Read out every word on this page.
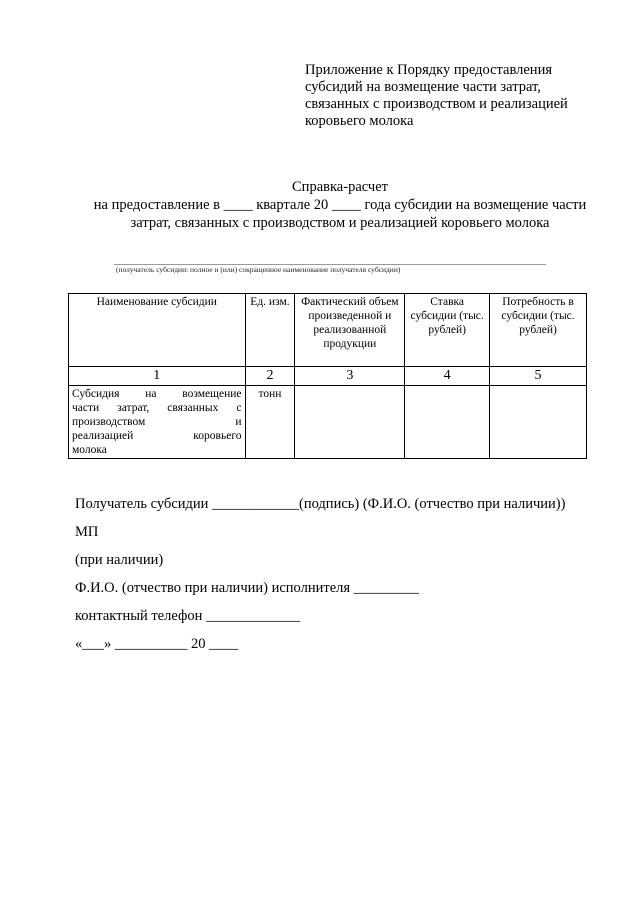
Приложение к Порядку предоставления
субсидий на возмещение части затрат,
связанных с производством и реализацией
коровьего молока
Справка-расчет
на предоставление в ____ квартале 20 ____ года субсидии на возмещение части
затрат, связанных с производством и реализацией коровьего молока
(получатель субсидии: полное и (или) сокращенное наименование получателя субсидии)
Наименование субсидии	Ед. изм.	Фактический объем произведенной и реализованной продукции	Ставка субсидии (тыс. рублей)	Потребность в субсидии (тыс. рублей)
1	2	3	4	5

Субсидия на возмещение
части затрат, связанных с
производством и
реализацией коровьего
молока	тонн			
Получатель субсидии ____________(подпись) (Ф.И.О. (отчество при наличии))
МП
(при наличии)
Ф.И.О. (отчество при наличии) исполнителя _________
контактный телефон _____________
«___» __________ 20 ____
